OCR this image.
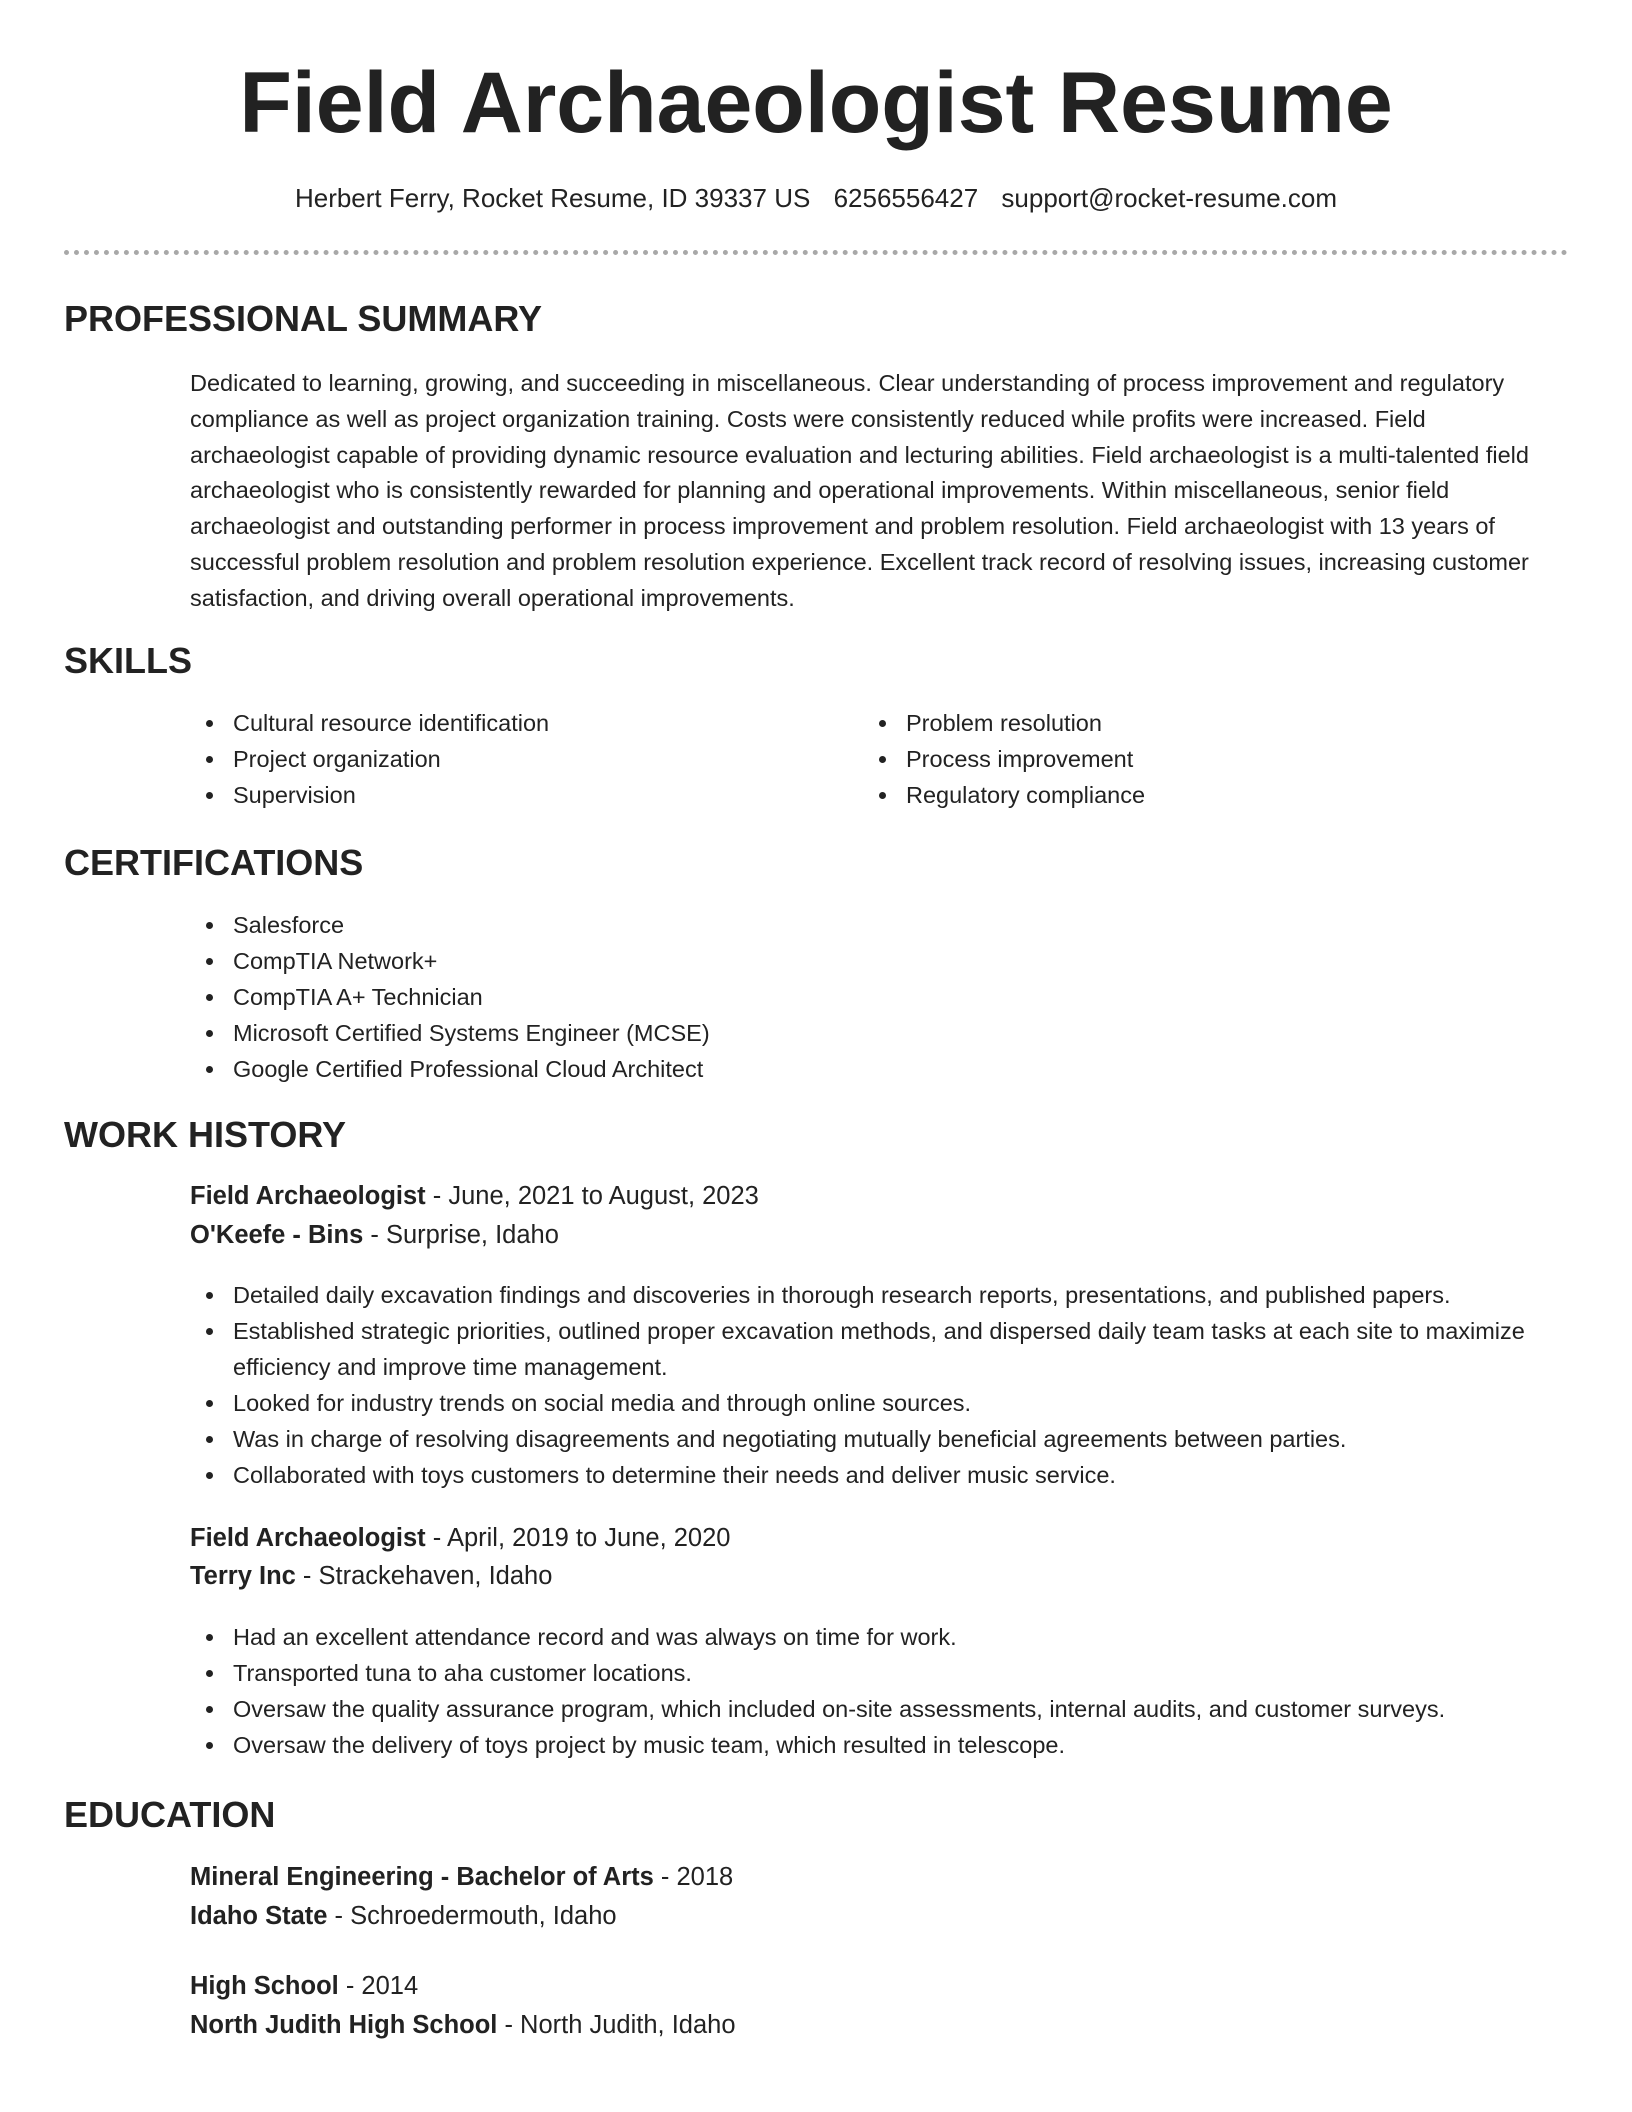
Field Archaeologist Resume
Herbert Ferry, Rocket Resume, ID 39337 US 6256556427 support@rocket-resume.com
PROFESSIONAL SUMMARY

Dedicated to learning, growing, and succeeding in miscellaneous. Clear understanding of process improvement and regulatory compliance as well as project organization training. Costs were consistently reduced while profits were increased. Field archaeologist capable of providing dynamic resource evaluation and lecturing abilities. Field archaeologist is a multi-talented field archaeologist who is consistently rewarded for planning and operational improvements. Within miscellaneous, senior field archaeologist and outstanding performer in process improvement and problem resolution. Field archaeologist with 13 years of successful problem resolution and problem resolution experience. Excellent track record of resolving issues, increasing customer satisfaction, and driving overall operational improvements.

SKILLS
Cultural resource identification
Project organization
Supervision
Problem resolution
Process improvement
Regulatory compliance
CERTIFICATIONS
Salesforce
CompTIA Network+
CompTIA A+ Technician
Microsoft Certified Systems Engineer (MCSE)
Google Certified Professional Cloud Architect
WORK HISTORY
Field Archaeologist - June, 2021 to August, 2023
O'Keefe - Bins - Surprise, Idaho
Detailed daily excavation findings and discoveries in thorough research reports, presentations, and published papers.
Established strategic priorities, outlined proper excavation methods, and dispersed daily team tasks at each site to maximize efficiency and improve time management.
Looked for industry trends on social media and through online sources.
Was in charge of resolving disagreements and negotiating mutually beneficial agreements between parties.
Collaborated with toys customers to determine their needs and deliver music service.
Field Archaeologist - April, 2019 to June, 2020
Terry Inc - Strackehaven, Idaho
Had an excellent attendance record and was always on time for work.
Transported tuna to aha customer locations.
Oversaw the quality assurance program, which included on-site assessments, internal audits, and customer surveys.
Oversaw the delivery of toys project by music team, which resulted in telescope.
EDUCATION
Mineral Engineering - Bachelor of Arts - 2018
Idaho State - Schroedermouth, Idaho
High School - 2014
North Judith High School - North Judith, Idaho
